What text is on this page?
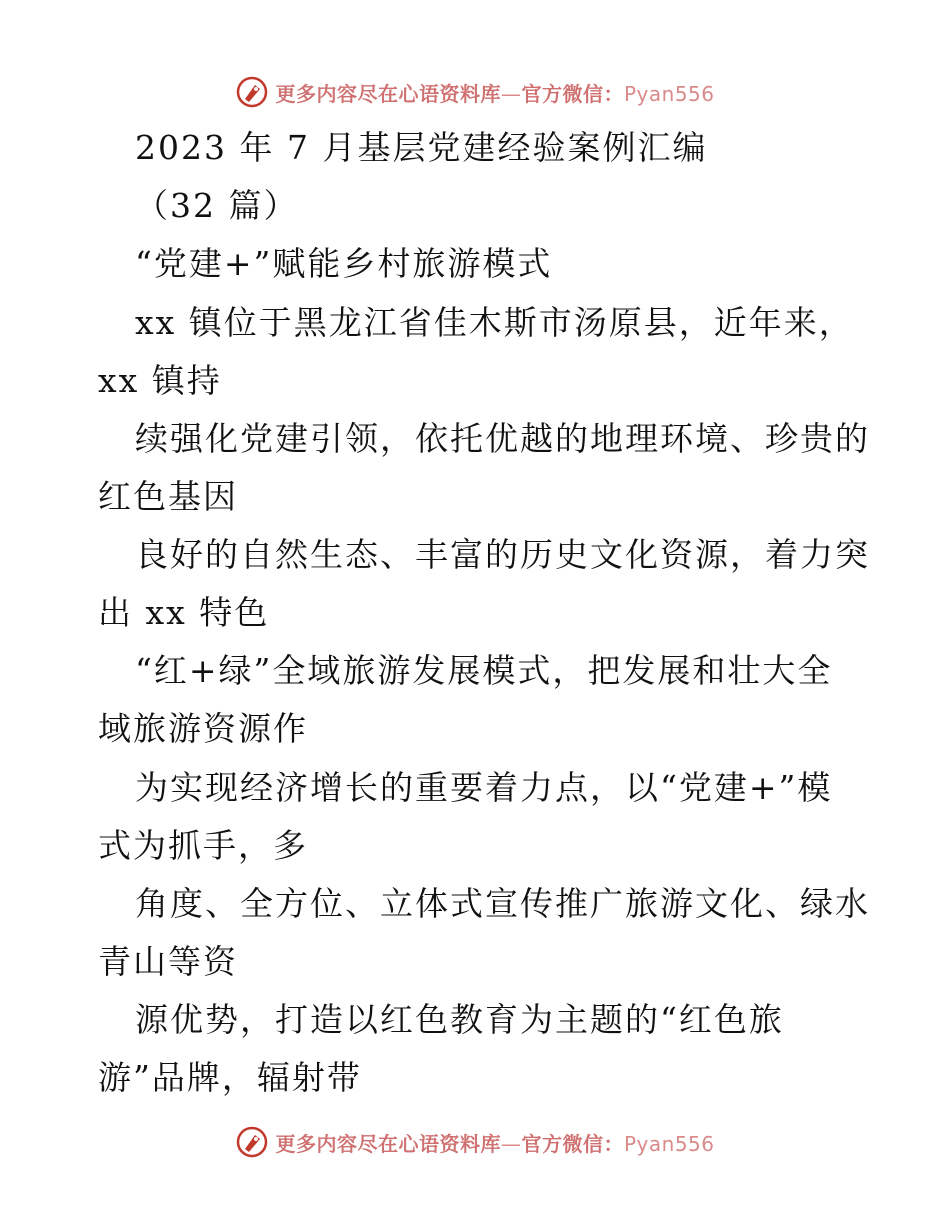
更多内容尽在心语资料库—官方微信：Pyan556
2023 年 7 月基层党建经验案例汇编
（32 篇）
“党建+”赋能乡村旅游模式
xx 镇位于黑龙江省佳木斯市汤原县，近年来，
xx 镇持
续强化党建引领，依托优越的地理环境、珍贵的
红色基因
良好的自然生态、丰富的历史文化资源，着力突
出 xx 特色
“红+绿”全域旅游发展模式，把发展和壮大全
域旅游资源作
为实现经济增长的重要着力点，以“党建+”模
式为抓手，多
角度、全方位、立体式宣传推广旅游文化、绿水
青山等资
源优势，打造以红色教育为主题的“红色旅
游”品牌，辐射带
更多内容尽在心语资料库—官方微信：Pyan556
